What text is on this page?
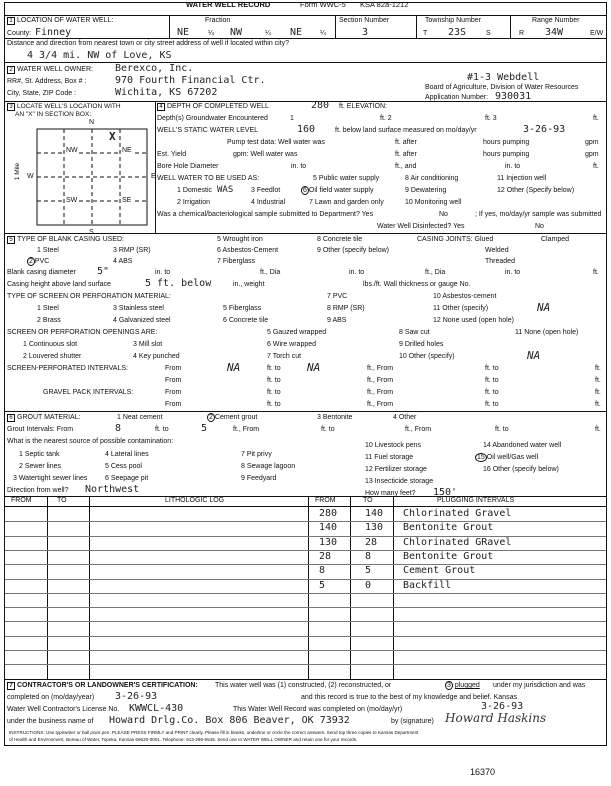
WATER WELL RECORD	Form WWC-5 KSA 82a-1212
1 LOCATION OF WATER WELL:	Fraction	Section Number	Township Number	Range Number
County: Finney	NE	¼ NW	¼ NE	¼	3	T 23S	S	R 34W	E/W
Distance and direction from nearest town or city street address of well if located within city?
4 3/4 mi. NW of Love, KS
2 WATER WELL OWNER: Berexco, Inc.
RR#, St. Address, Box # :	970 Fourth Financial Ctr.
City, State, ZIP Code :	Wichita, KS 67202
#1-3 Webdell
Board of Agriculture, Division of Water Resources
Application Number: 930031
3 LOCATE WELL'S LOCATION WITH
AN "X" IN SECTION BOX:
N
S
W	E
1 Mile
NW	NE
SW	SE
X
4 DEPTH OF COMPLETED WELL	280 ft. ELEVATION:
Depth(s) Groundwater Encountered	1	ft. 2	ft. 3	ft.
WELL'S STATIC WATER LEVEL	160	ft. below land surface measured on mo/day/yr	3-26-93
Pump test data: Well water was	ft. after	hours pumping	gpm
Est. Yield	gpm: Well water was	ft. after	hours pumping	gpm
Bore Hole Diameter	in. to	ft., and	in. to	ft.
WELL WATER TO BE USED AS:
WAS
5 Public water supply	8 Air conditioning	11 Injection well
1 Domestic	3 Feedlot	6 Oil field water supply	9 Dewatering	12 Other (Specify below)
2 Irrigation	4 Industrial	7 Lawn and garden only	10 Monitoring well
Was a chemical/bacteriological sample submitted to Department? Yes	No	; If yes, mo/day/yr sample was submitted
Water Well Disinfected? Yes	No
5 TYPE OF BLANK CASING USED:	5 Wrought iron	8 Concrete tile	CASING JOINTS: Glued	Clamped
1 Steel	3 RMP (SR)	6 Asbestos-Cement	9 Other (specify below)	Welded
2 PVC	4 ABS	7 Fiberglass	Threaded
Blank casing diameter 5"	in. to	ft., Dia	in. to	ft., Dia	in. to	ft.
Casing height above land surface	5 ft. below	in., weight	lbs./ft. Wall thickness or gauge No.
TYPE OF SCREEN OR PERFORATION MATERIAL:	7 PVC	10 Asbestos-cement
1 Steel	3 Stainless steel	5 Fiberglass	8 RMP (SR)	11 Other (specify)	NA
2 Brass	4 Galvanized steel	6 Concrete tile	9 ABS	12 None used (open hole)
SCREEN OR PERFORATION OPENINGS ARE:	5 Gauzed wrapped	8 Saw cut	11 None (open hole)
1 Continuous slot	3 Mill slot	6 Wire wrapped	9 Drilled holes
2 Louvered shutter	4 Key punched	7 Torch cut	10 Other (specify)	NA
SCREEN-PERFORATED INTERVALS:	From	NA	ft. to NA	ft., From	ft. to	ft.
From	ft. to	ft., From	ft. to	ft.
GRAVEL PACK INTERVALS:	From	ft. to	ft., From	ft. to	ft.
From	ft. to	ft., From	ft. to	ft.
6 GROUT MATERIAL:	1 Neat cement	2 Cement grout	3 Bentonite	4 Other
Grout Intervals: From	8	ft. to	5	ft., From	ft. to	ft., From	ft. to	ft.
What is the nearest source of possible contamination:
10 Livestock pens	14 Abandoned water well
1 Septic tank	4 Lateral lines	7 Pit privy	11 Fuel storage	15 Oil well/Gas well
2 Sewer lines	5 Cess pool	8 Sewage lagoon	12 Fertilizer storage	16 Other (specify below)
3 Watertight sewer lines	6 Seepage pit	9 Feedyard	13 Insecticide storage
Direction from well? Northwest	How many feet? 150'
FROM	TO	LITHOLOGIC LOG	FROM	TO	PLUGGING INTERVALS
280	140 Chlorinated Gravel
140	130 Bentonite Grout
130	28	Chlorinated GRavel
28	8	Bentonite Grout
8	5	Cement Grout
5	0	Backfill
7 CONTRACTOR'S OR LANDOWNER'S CERTIFICATION: This water well was (1) constructed, (2) reconstructed, or	3 plugged under my jurisdiction and was
completed on (mo/day/year) 3-26-93	and this record is true to the best of my knowledge and belief. Kansas
Water Well Contractor's License No. KWWCL-430	This Water Well Record was completed on (mo/day/yr)	3-26-93
under the business name of Howard Drlg.Co. Box 806 Beaver, OK 73932	by (signature) Howard Haskins
INSTRUCTIONS: Use typewriter or ball point pen. PLEASE PRESS FIRMLY and PRINT clearly. Please fill in blanks, underline or circle the correct answers. Send top three copies to Kansas Department
of Health and Environment, Bureau of Water, Topeka, Kansas 66620-0001. Telephone: 913-296-5545. Send one to WATER WELL OWNER and retain one for your records.
16370
